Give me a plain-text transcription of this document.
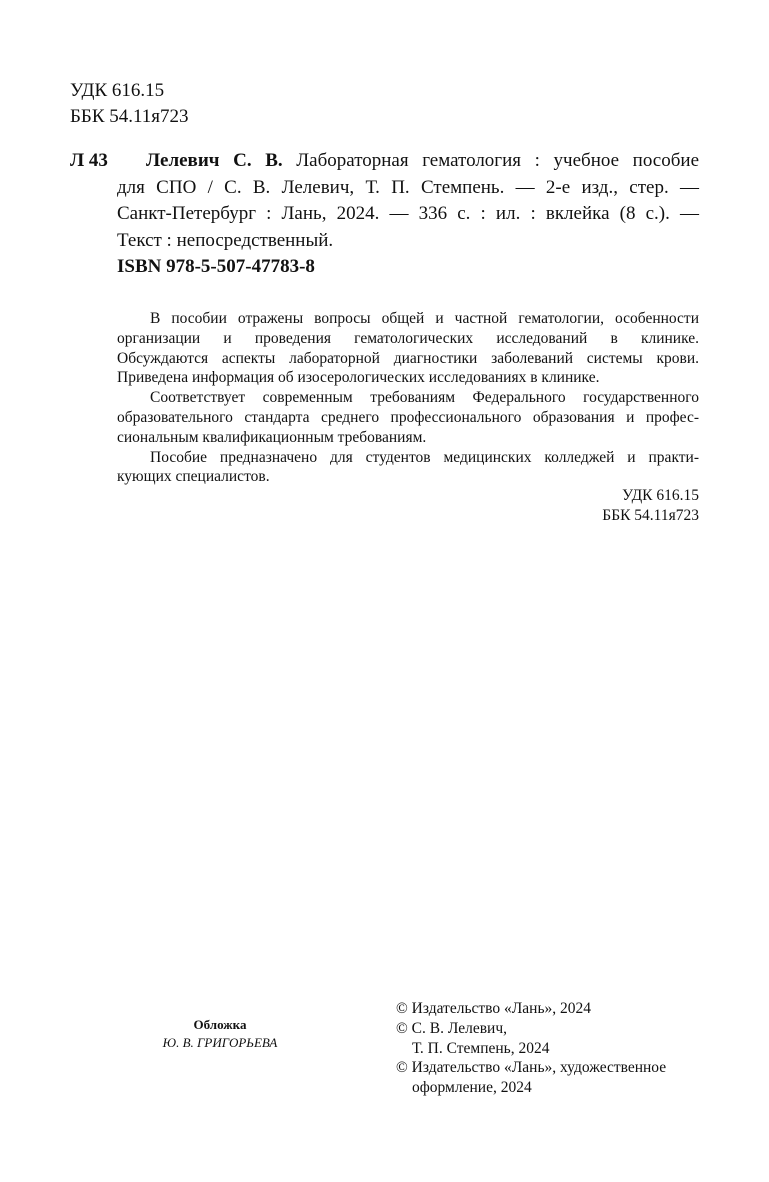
УДК 616.15
ББК 54.11я723
Л 43	Лелевич С. В. Лабораторная гематология : учебное пособие
для СПО / С. В. Лелевич, Т. П. Стемпень. — 2-е изд., стер. —
Санкт-Петербург : Лань, 2024. — 336 с. : ил. : вклейка (8 с.). —
Текст : непосредственный.
ISBN 978-5-507-47783-8

В пособии отражены вопросы общей и частной гематологии, особенности
организации и проведения гематологических исследований в клинике.
Обсуждаются аспекты лабораторной диагностики заболеваний системы крови.
Приведена информация об изосерологических исследованиях в клинике.

Соответствует современным требованиям Федерального государственного
образовательного стандарта среднего профессионального образования и профес-
сиональным квалификационным требованиям.

Пособие предназначено для студентов медицинских колледжей и практи-
кующих специалистов.

УДК 616.15
ББК 54.11я723
Обложка
Ю. В. ГРИГОРЬЕВА
© Издательство «Лань», 2024
© С. В. Лелевич,
Т. П. Стемпень, 2024
© Издательство «Лань», художественное
оформление, 2024
